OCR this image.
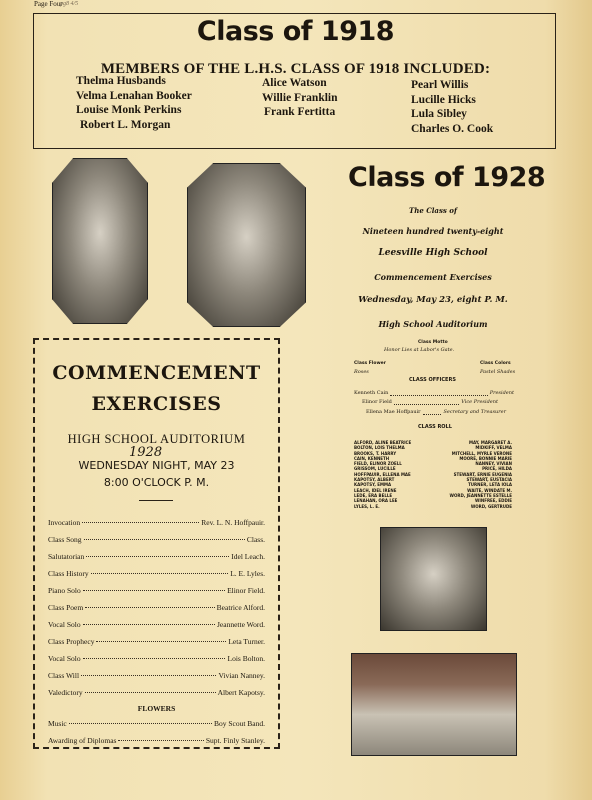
Page Four
pg8 4/5
Class of 1918
MEMBERS OF THE L.H.S. CLASS OF 1918 INCLUDED:
Thelma Husbands
Velma Lenahan Booker
Louise Monk Perkins
Robert L. Morgan
Alice Watson
Willie Franklin
Frank Fertitta
Pearl Willis
Lucille Hicks
Lula Sibley
Charles O. Cook
Class of 1928
The Class of
Nineteen hundred twenty-eight
Leesville High School
Commencement Exercises
Wednesday, May 23, eight P. M.
High School Auditorium
Class Motto
Honor Lies at Labor's Gate.
Class Flower	Class Colors
Roses	Pastel Shades
CLASS OFFICERS
Kenneth Cain	President
Elinor Field	Vice President
Ellena Mae Hoffpauir	Secretary and Treasurer
CLASS ROLL
ALFORD, ALINE BEATRICE
BOLTON, LOIS THELMA
BROOKS, T. HARRY
CAIN, KENNETH
FIELD, ELINOR ZOELL
GRISSOM, LUCILLE
HOFFPAUIR, ELLENA MAE
KAPOTSY, ALBERT
KAPOTSY, EMMA
LEACH, IDEL IRENE
LEDE, ERA BELLE
LENAHAN, ORA LEE
LYLES, L. E.
MAY, MARGARET A.
MIDKIFF, VELMA
MITCHELL, MYRLE VERONE
MOORE, BONNIE MARIE
NANNEY, VIVIAN
PRICE, HILDA
STEWART, ERNIE EUGENIA
STEWART, EUSTACIA
TURNER, LETA IOLA
WAITE, WINDATE M.
WORD, JEANNETTE ESTELLE
WINFREE, EDDIE
WORD, GERTRUDE
COMMENCEMENT
EXERCISES
HIGH SCHOOL AUDITORIUM
1928
WEDNESDAY NIGHT, MAY 23
8:00 O'CLOCK P. M.
Invocation	Rev. L. N. Hoffpauir.
Class Song	Class.
Salutatorian	Idel Leach.
Class History	L. E. Lyles.
Piano Solo	Elinor Field.
Class Poem	Beatrice Alford.
Vocal Solo	Jeannette Word.
Class Prophecy	Leta Turner.
Vocal Solo	Lois Bolton.
Class Will	Vivian Nanney.
Valedictory	Albert Kapotsy.
FLOWERS
Music	Boy Scout Band.
Awarding of Diplomas	Supt. Finly Stanley.
